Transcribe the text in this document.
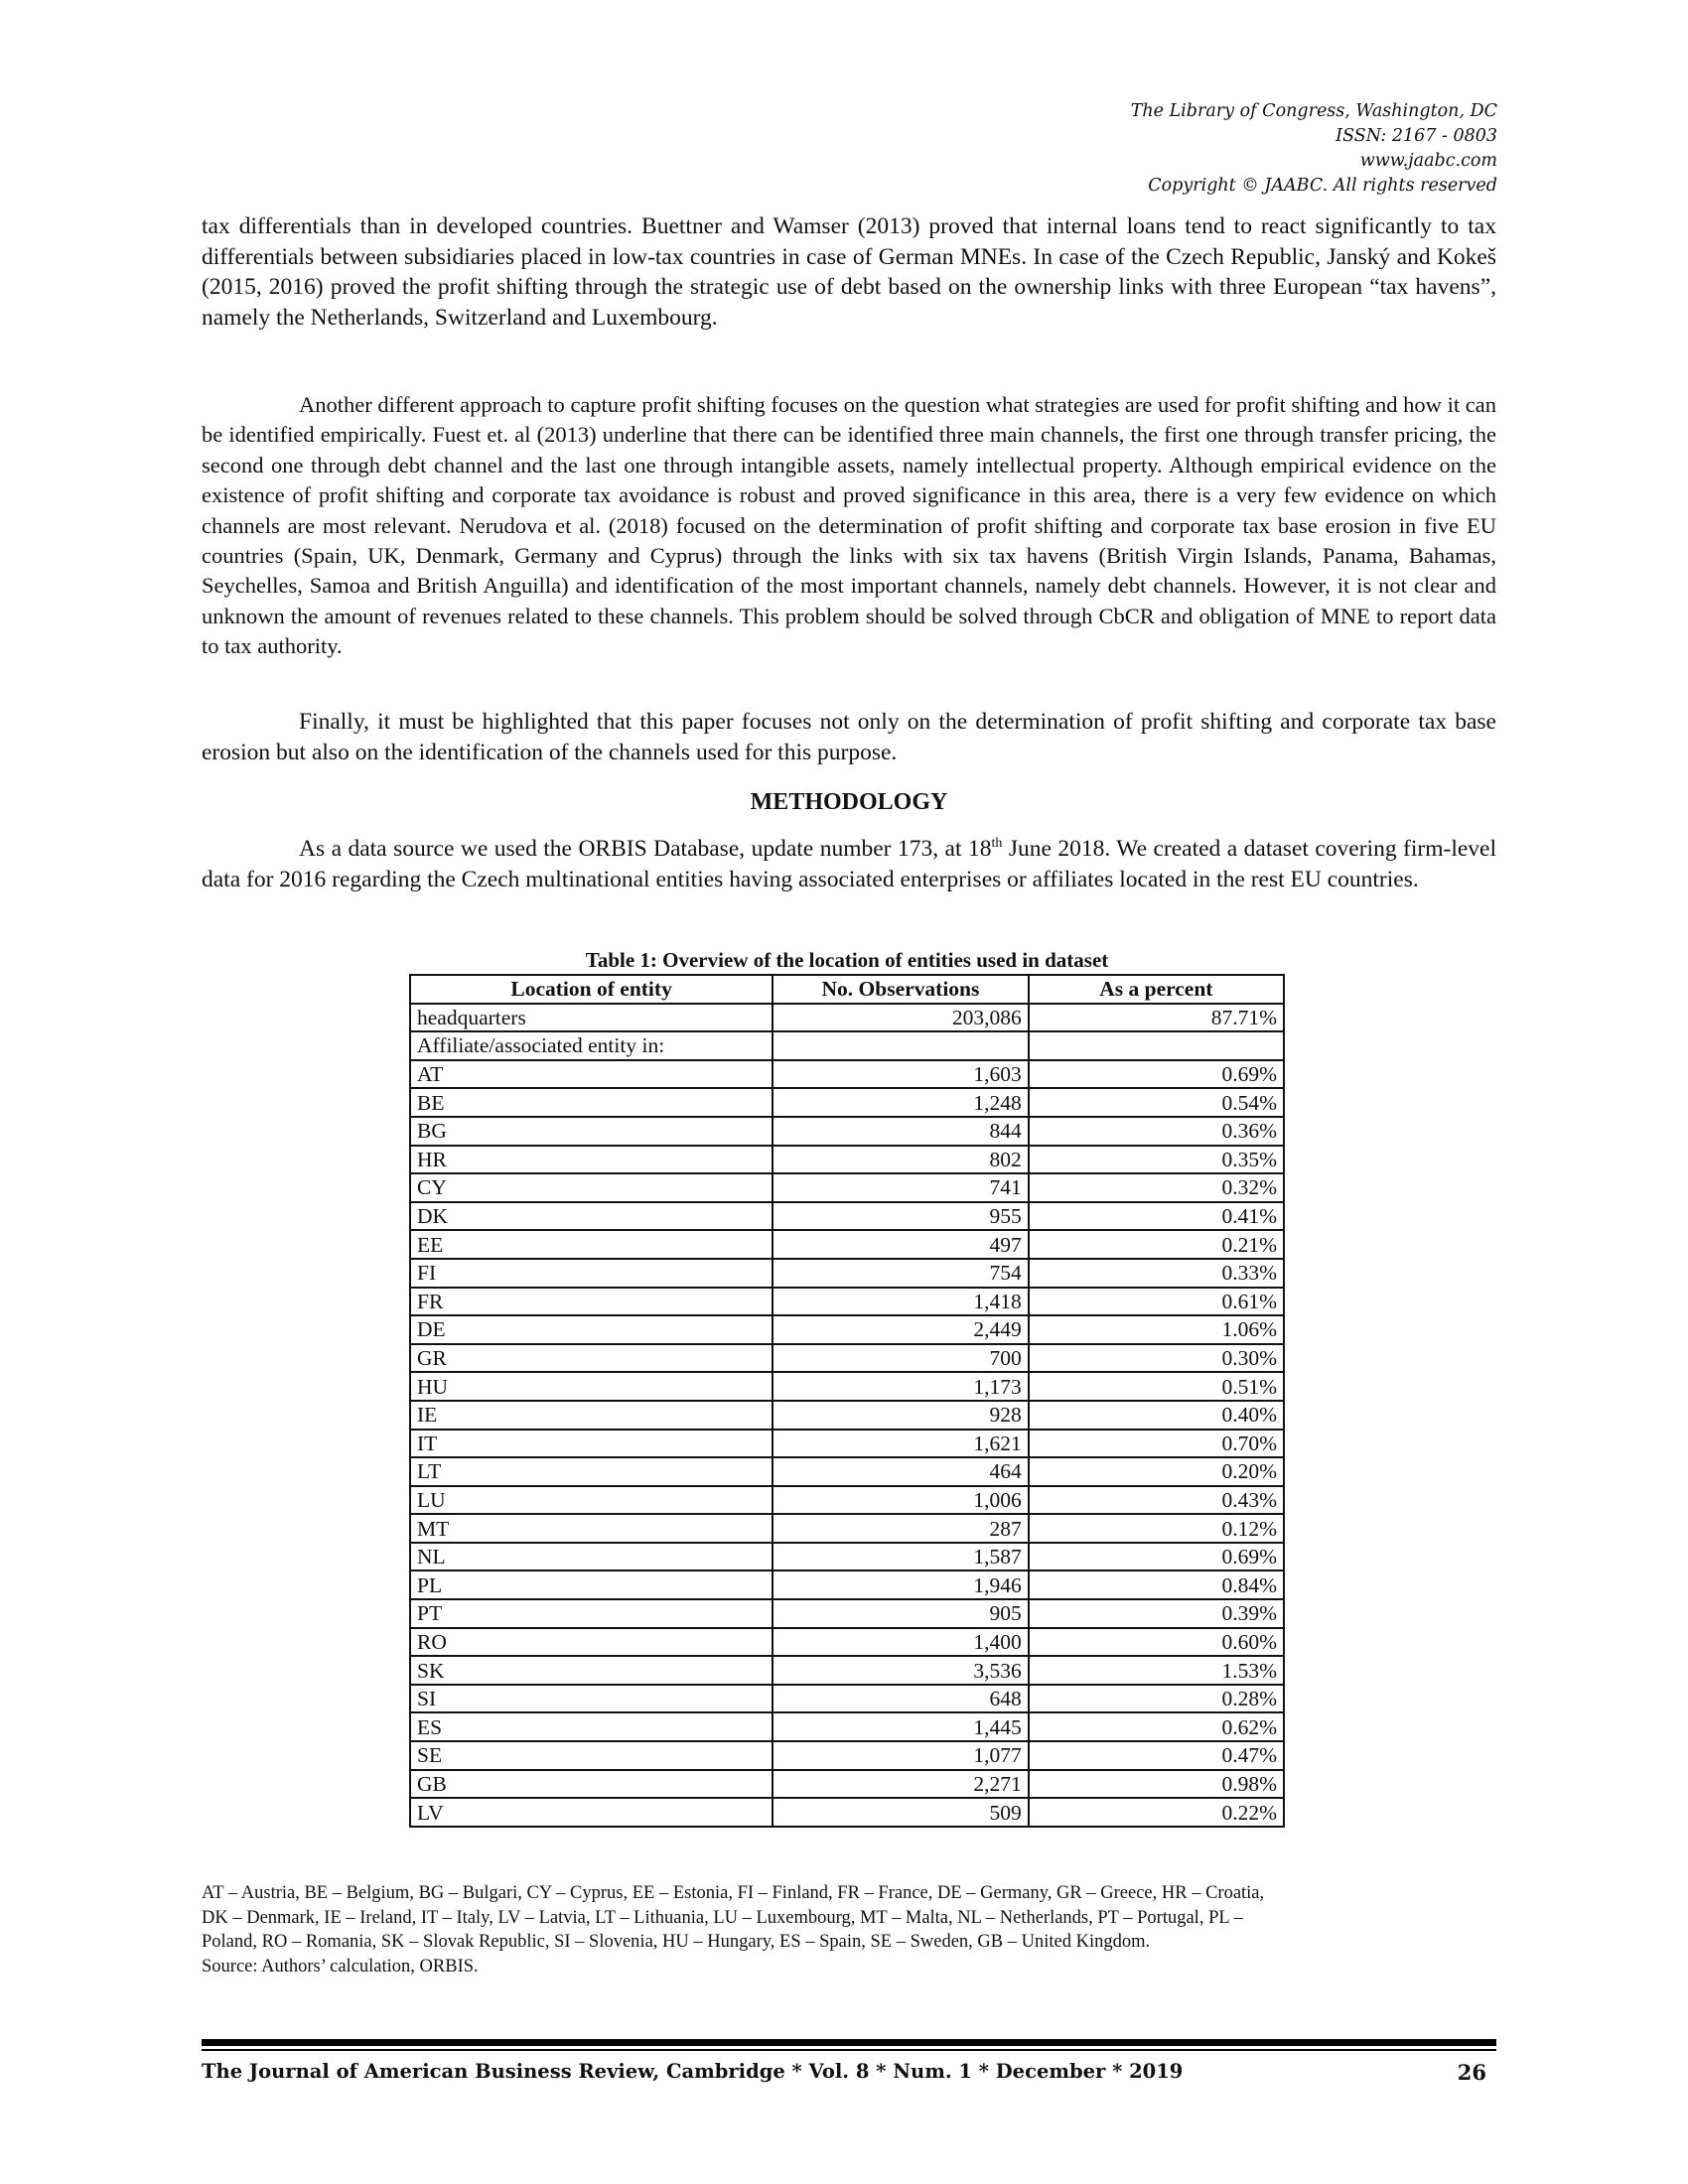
The Library of Congress, Washington, DC
ISSN: 2167 - 0803
www.jaabc.com
Copyright © JAABC. All rights reserved
tax differentials than in developed countries. Buettner and Wamser (2013) proved that internal loans tend to react significantly to tax differentials between subsidiaries placed in low-tax countries in case of German MNEs. In case of the Czech Republic, Janský and Kokeš (2015, 2016) proved the profit shifting through the strategic use of debt based on the ownership links with three European “tax havens”, namely the Netherlands, Switzerland and Luxembourg.
Another different approach to capture profit shifting focuses on the question what strategies are used for profit shifting and how it can be identified empirically. Fuest et. al (2013) underline that there can be identified three main channels, the first one through transfer pricing, the second one through debt channel and the last one through intangible assets, namely intellectual property. Although empirical evidence on the existence of profit shifting and corporate tax avoidance is robust and proved significance in this area, there is a very few evidence on which channels are most relevant. Nerudova et al. (2018) focused on the determination of profit shifting and corporate tax base erosion in five EU countries (Spain, UK, Denmark, Germany and Cyprus) through the links with six tax havens (British Virgin Islands, Panama, Bahamas, Seychelles, Samoa and British Anguilla) and identification of the most important channels, namely debt channels. However, it is not clear and unknown the amount of revenues related to these channels. This problem should be solved through CbCR and obligation of MNE to report data to tax authority.
Finally, it must be highlighted that this paper focuses not only on the determination of profit shifting and corporate tax base erosion but also on the identification of the channels used for this purpose.
METHODOLOGY
As a data source we used the ORBIS Database, update number 173, at 18th June 2018. We created a dataset covering firm-level data for 2016 regarding the Czech multinational entities having associated enterprises or affiliates located in the rest EU countries.
Table 1: Overview of the location of entities used in dataset
Location of entity	No. Observations	As a percent
headquarters	203,086	87.71%
Affiliate/associated entity in:		
AT	1,603	0.69%
BE	1,248	0.54%
BG	844	0.36%
HR	802	0.35%
CY	741	0.32%
DK	955	0.41%
EE	497	0.21%
FI	754	0.33%
FR	1,418	0.61%
DE	2,449	1.06%
GR	700	0.30%
HU	1,173	0.51%
IE	928	0.40%
IT	1,621	0.70%
LT	464	0.20%
LU	1,006	0.43%
MT	287	0.12%
NL	1,587	0.69%
PL	1,946	0.84%
PT	905	0.39%
RO	1,400	0.60%
SK	3,536	1.53%
SI	648	0.28%
ES	1,445	0.62%
SE	1,077	0.47%
GB	2,271	0.98%
LV	509	0.22%
AT – Austria, BE – Belgium, BG – Bulgari, CY – Cyprus, EE – Estonia, FI – Finland, FR – France, DE – Germany, GR – Greece, HR – Croatia,
DK – Denmark, IE – Ireland, IT – Italy, LV – Latvia, LT – Lithuania, LU – Luxembourg, MT – Malta, NL – Netherlands, PT – Portugal, PL –
Poland, RO – Romania, SK – Slovak Republic, SI – Slovenia, HU – Hungary, ES – Spain, SE – Sweden, GB – United Kingdom.
Source: Authors’ calculation, ORBIS.
The Journal of American Business Review, Cambridge * Vol. 8 * Num. 1 * December * 2019	26
